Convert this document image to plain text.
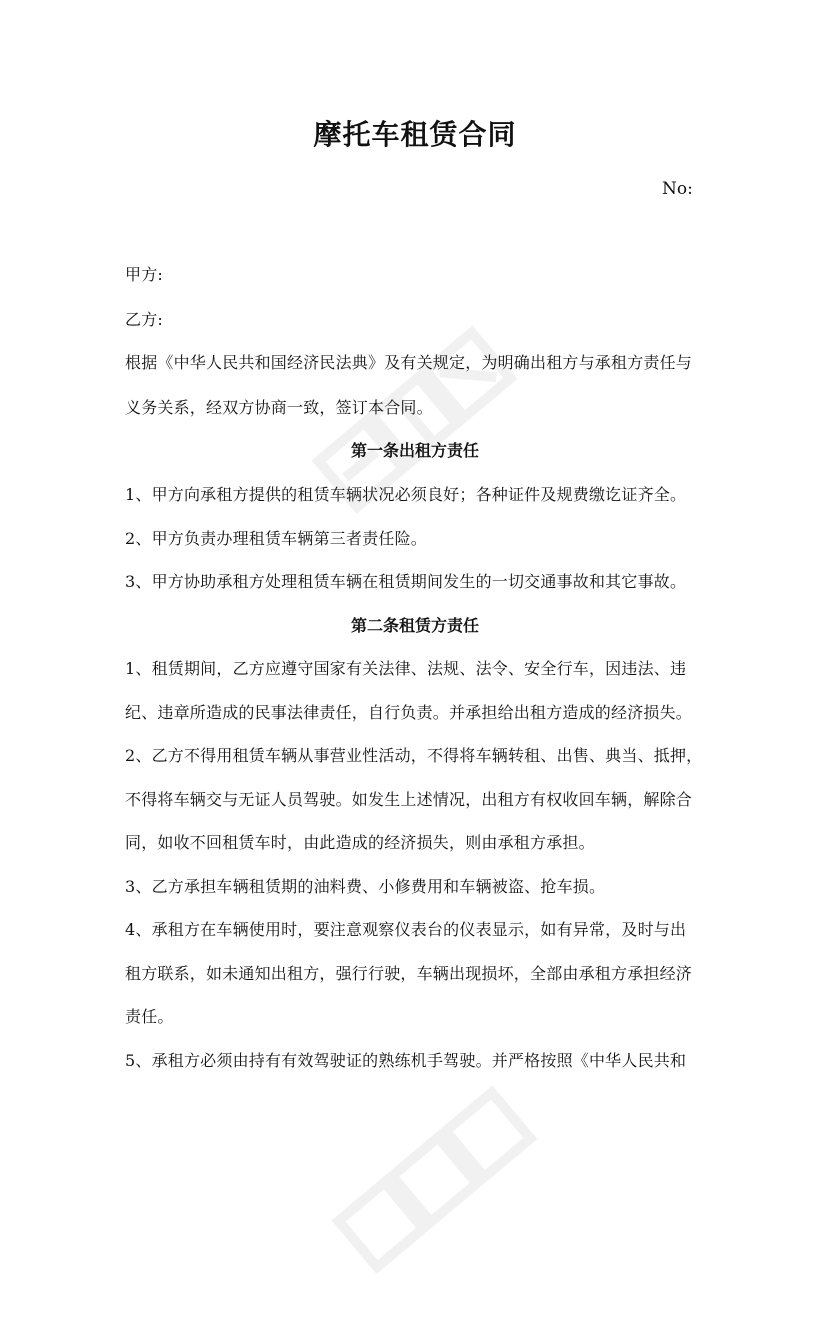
摩托车租赁合同
No:
甲方:
乙方:
根据《中华人民共和国经济民法典》及有关规定，为明确出租方与承租方责任与
义务关系，经双方协商一致，签订本合同。
第一条出租方责任
1、甲方向承租方提供的租赁车辆状况必须良好；各种证件及规费缴讫证齐全。
2、甲方负责办理租赁车辆第三者责任险。
3、甲方协助承租方处理租赁车辆在租赁期间发生的一切交通事故和其它事故。
第二条租赁方责任
1、租赁期间，乙方应遵守国家有关法律、法规、法令、安全行车，因违法、违
纪、违章所造成的民事法律责任，自行负责。并承担给出租方造成的经济损失。
2、乙方不得用租赁车辆从事营业性活动，不得将车辆转租、出售、典当、抵押，
不得将车辆交与无证人员驾驶。如发生上述情况，出租方有权收回车辆，解除合
同，如收不回租赁车时，由此造成的经济损失，则由承租方承担。
3、乙方承担车辆租赁期的油料费、小修费用和车辆被盗、抢车损。
4、承租方在车辆使用时，要注意观察仪表台的仪表显示，如有异常，及时与出
租方联系，如未通知出租方，强行行驶，车辆出现损坏，全部由承租方承担经济
责任。
5、承租方必须由持有有效驾驶证的熟练机手驾驶。并严格按照《中华人民共和
